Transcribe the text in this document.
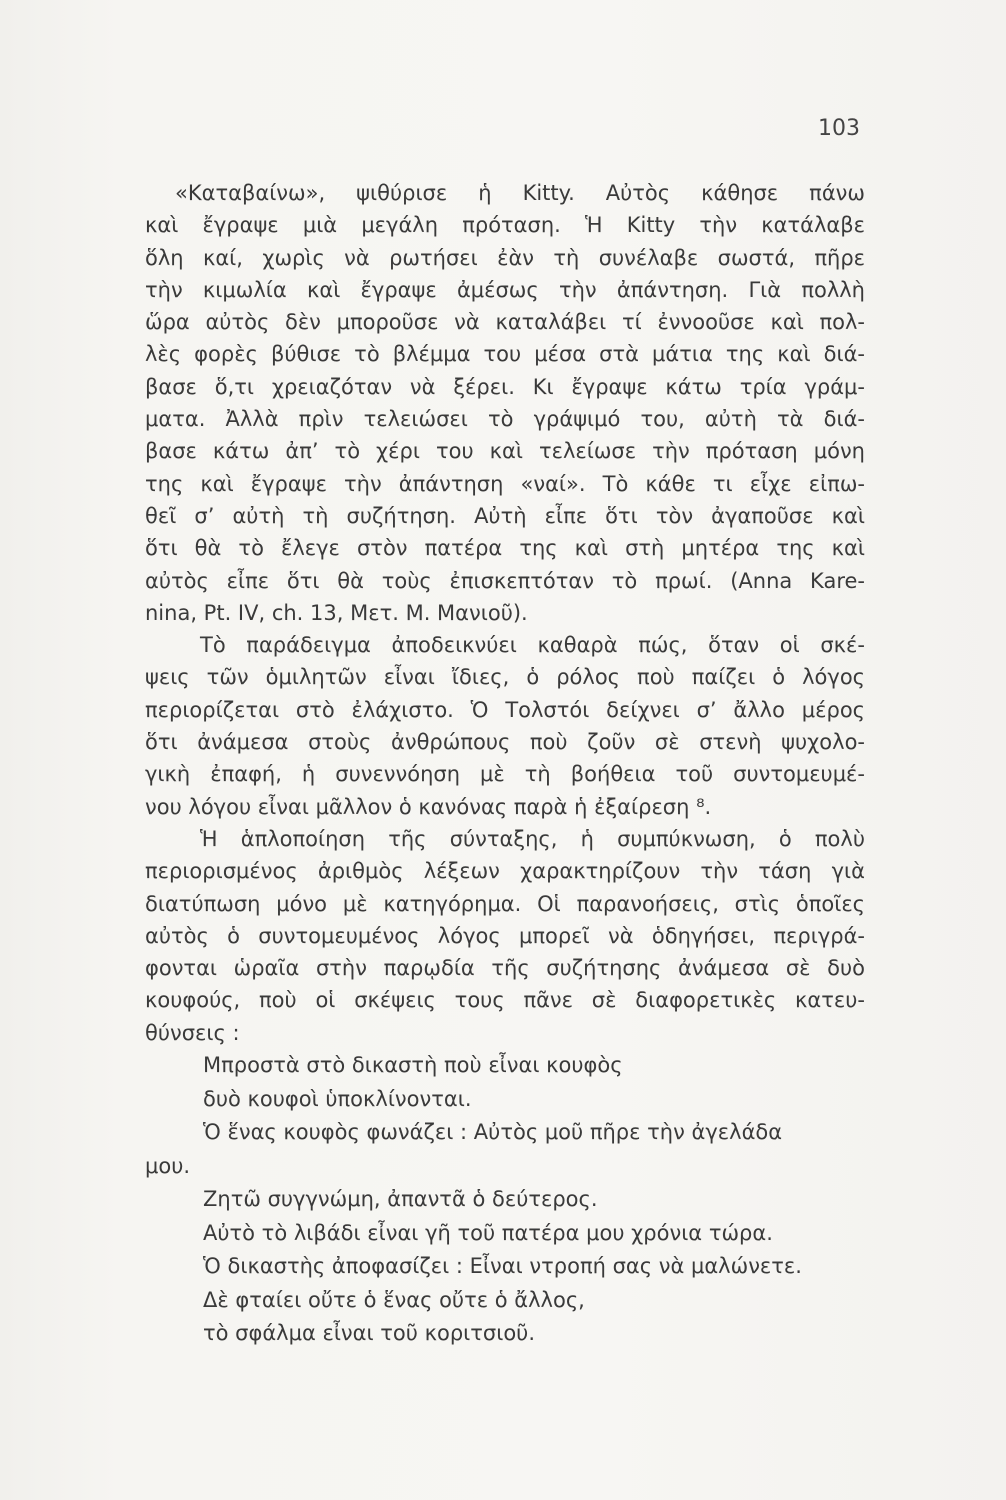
103
«Καταβαίνω», ψιθύρισε ἡ Kitty. Αὐτὸς κάθησε πάνω
καὶ ἔγραψε μιὰ μεγάλη πρόταση. Ἡ Kitty τὴν κατάλαβε
ὅλη καί, χωρὶς νὰ ρωτήσει ἐὰν τὴ συνέλαβε σωστά, πῆρε
τὴν κιμωλία καὶ ἔγραψε ἀμέσως τὴν ἀπάντηση. Γιὰ πολλὴ
ὥρα αὐτὸς δὲν μποροῦσε νὰ καταλάβει τί ἐννοοῦσε καὶ πολ-
λὲς φορὲς βύθισε τὸ βλέμμα του μέσα στὰ μάτια της καὶ διά-
βασε ὅ,τι χρειαζόταν νὰ ξέρει. Κι ἔγραψε κάτω τρία γράμ-
ματα. Ἀλλὰ πρὶν τελειώσει τὸ γράψιμό του, αὐτὴ τὰ διά-
βασε κάτω ἀπ’ τὸ χέρι του καὶ τελείωσε τὴν πρόταση μόνη
της καὶ ἔγραψε τὴν ἀπάντηση «ναί». Τὸ κάθε τι εἶχε εἰπω-
θεῖ σ’ αὐτὴ τὴ συζήτηση. Αὐτὴ εἶπε ὅτι τὸν ἀγαποῦσε καὶ
ὅτι θὰ τὸ ἔλεγε στὸν πατέρα της καὶ στὴ μητέρα της καὶ
αὐτὸς εἶπε ὅτι θὰ τοὺς ἐπισκεπτόταν τὸ πρωί. (Anna Kare-
nina, Pt. IV, ch. 13, Μετ. Μ. Μανιοῦ).
Τὸ παράδειγμα ἀποδεικνύει καθαρὰ πώς, ὅταν οἱ σκέ-
ψεις τῶν ὁμιλητῶν εἶναι ἴδιες, ὁ ρόλος ποὺ παίζει ὁ λόγος
περιορίζεται στὸ ἐλάχιστο. Ὁ Τολστόι δείχνει σ’ ἄλλο μέρος
ὅτι ἀνάμεσα στοὺς ἀνθρώπους ποὺ ζοῦν σὲ στενὴ ψυχολο-
γικὴ ἐπαφή, ἡ συνεννόηση μὲ τὴ βοήθεια τοῦ συντομευμέ-
νου λόγου εἶναι μᾶλλον ὁ κανόνας παρὰ ἡ ἐξαίρεση ⁸.
Ἡ ἁπλοποίηση τῆς σύνταξης, ἡ συμπύκνωση, ὁ πολὺ
περιορισμένος ἀριθμὸς λέξεων χαρακτηρίζουν τὴν τάση γιὰ
διατύπωση μόνο μὲ κατηγόρημα. Οἱ παρανοήσεις, στὶς ὁποῖες
αὐτὸς ὁ συντομευμένος λόγος μπορεῖ νὰ ὁδηγήσει, περιγρά-
φονται ὡραῖα στὴν παρῳδία τῆς συζήτησης ἀνάμεσα σὲ δυὸ
κουφούς, ποὺ οἱ σκέψεις τους πᾶνε σὲ διαφορετικὲς κατευ-
θύνσεις :
Μπροστὰ στὸ δικαστὴ ποὺ εἶναι κουφὸς
δυὸ κουφοὶ ὑποκλίνονται.
Ὁ ἕνας κουφὸς φωνάζει : Αὐτὸς μοῦ πῆρε τὴν ἀγελάδα
μου.
Ζητῶ συγγνώμη, ἀπαντᾶ ὁ δεύτερος.
Αὐτὸ τὸ λιβάδι εἶναι γῆ τοῦ πατέρα μου χρόνια τώρα.
Ὁ δικαστὴς ἀποφασίζει : Εἶναι ντροπή σας νὰ μαλώνετε.
Δὲ φταίει οὔτε ὁ ἕνας οὔτε ὁ ἄλλος,
τὸ σφάλμα εἶναι τοῦ κοριτσιοῦ.
